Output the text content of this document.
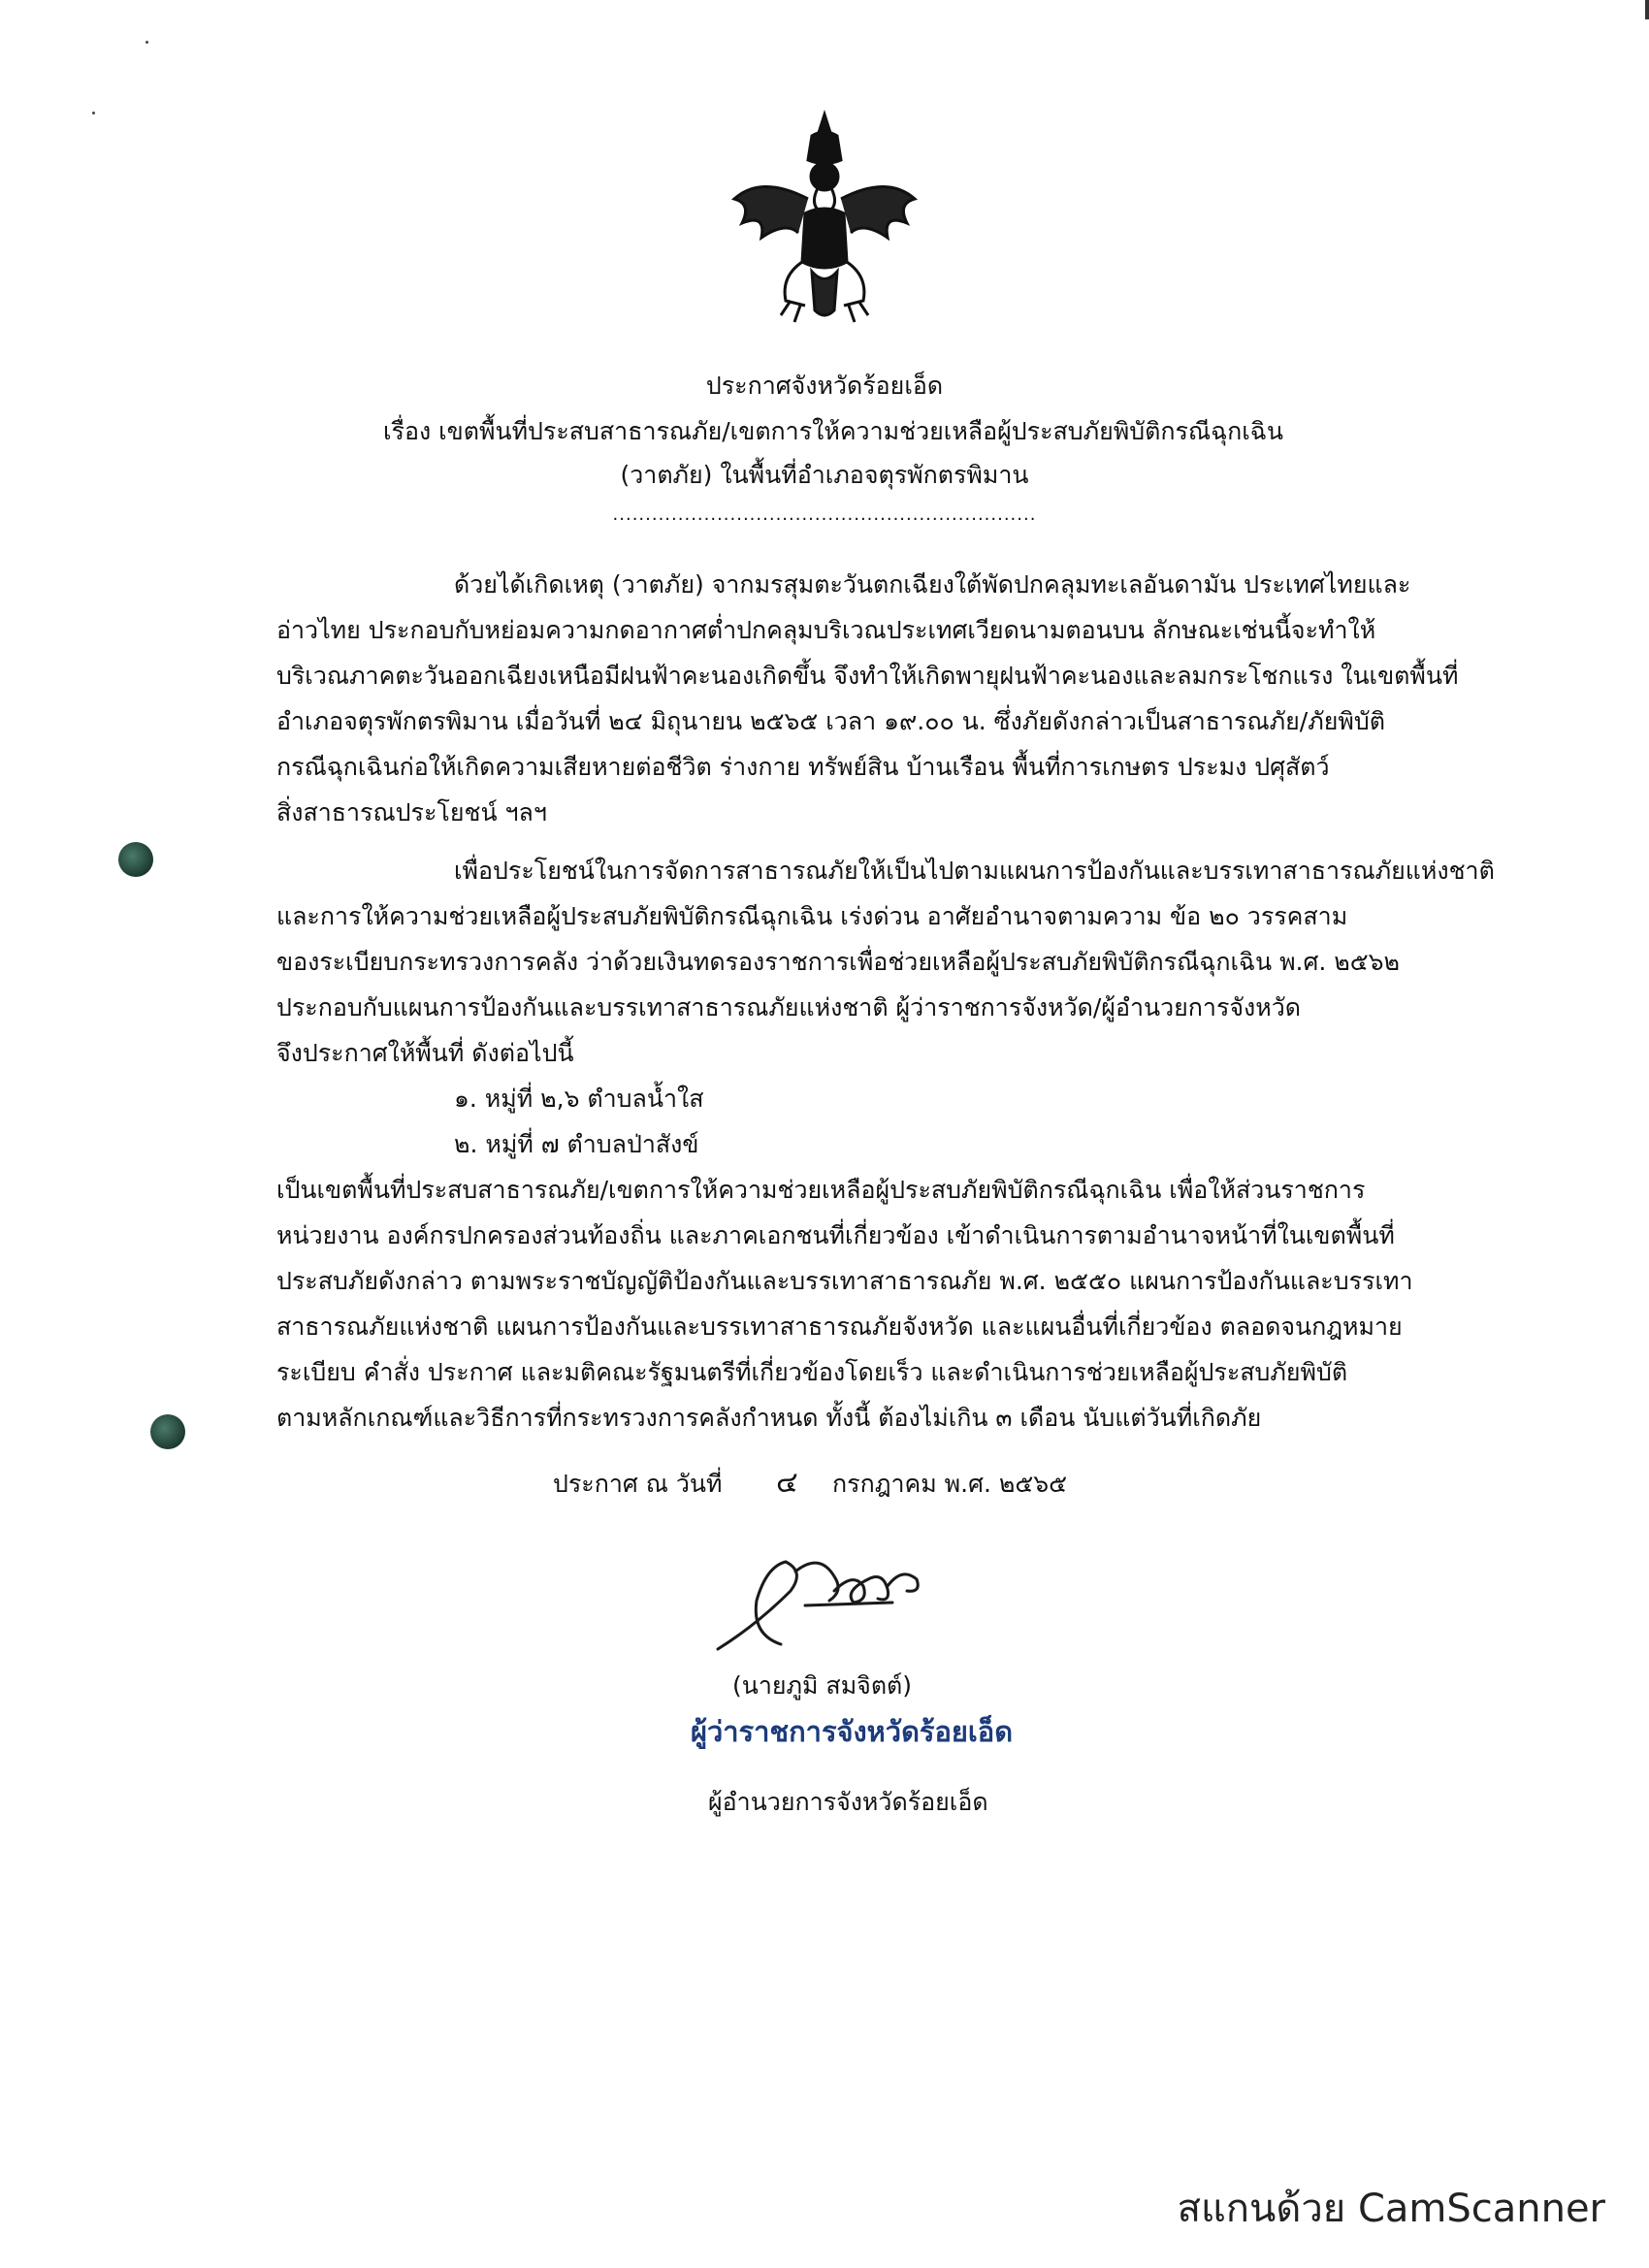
ประกาศจังหวัดร้อยเอ็ด
เรื่อง เขตพื้นที่ประสบสาธารณภัย/เขตการให้ความช่วยเหลือผู้ประสบภัยพิบัติกรณีฉุกเฉิน
(วาตภัย) ในพื้นที่อำเภอจตุรพักตรพิมาน
.................................................................
ด้วยได้เกิดเหตุ (วาตภัย) จากมรสุมตะวันตกเฉียงใต้พัดปกคลุมทะเลอันดามัน ประเทศไทยและ
อ่าวไทย ประกอบกับหย่อมความกดอากาศต่ำปกคลุมบริเวณประเทศเวียดนามตอนบน ลักษณะเช่นนี้จะทำให้
บริเวณภาคตะวันออกเฉียงเหนือมีฝนฟ้าคะนองเกิดขึ้น จึงทำให้เกิดพายุฝนฟ้าคะนองและลมกระโชกแรง ในเขตพื้นที่
อำเภอจตุรพักตรพิมาน เมื่อวันที่ ๒๔ มิถุนายน ๒๕๖๕ เวลา ๑๙.๐๐ น. ซึ่งภัยดังกล่าวเป็นสาธารณภัย/ภัยพิบัติ
กรณีฉุกเฉินก่อให้เกิดความเสียหายต่อชีวิต ร่างกาย ทรัพย์สิน บ้านเรือน พื้นที่การเกษตร ประมง ปศุสัตว์
สิ่งสาธารณประโยชน์ ฯลฯ
เพื่อประโยชน์ในการจัดการสาธารณภัยให้เป็นไปตามแผนการป้องกันและบรรเทาสาธารณภัยแห่งชาติ
และการให้ความช่วยเหลือผู้ประสบภัยพิบัติกรณีฉุกเฉิน เร่งด่วน อาศัยอำนาจตามความ ข้อ ๒๐ วรรคสาม
ของระเบียบกระทรวงการคลัง ว่าด้วยเงินทดรองราชการเพื่อช่วยเหลือผู้ประสบภัยพิบัติกรณีฉุกเฉิน พ.ศ. ๒๕๖๒
ประกอบกับแผนการป้องกันและบรรเทาสาธารณภัยแห่งชาติ ผู้ว่าราชการจังหวัด/ผู้อำนวยการจังหวัด
จึงประกาศให้พื้นที่ ดังต่อไปนี้
๑. หมู่ที่ ๒,๖ ตำบลน้ำใส
๒. หมู่ที่ ๗ ตำบลป่าสังข์
เป็นเขตพื้นที่ประสบสาธารณภัย/เขตการให้ความช่วยเหลือผู้ประสบภัยพิบัติกรณีฉุกเฉิน เพื่อให้ส่วนราชการ
หน่วยงาน องค์กรปกครองส่วนท้องถิ่น และภาคเอกชนที่เกี่ยวข้อง เข้าดำเนินการตามอำนาจหน้าที่ในเขตพื้นที่
ประสบภัยดังกล่าว ตามพระราชบัญญัติป้องกันและบรรเทาสาธารณภัย พ.ศ. ๒๕๕๐ แผนการป้องกันและบรรเทา
สาธารณภัยแห่งชาติ แผนการป้องกันและบรรเทาสาธารณภัยจังหวัด และแผนอื่นที่เกี่ยวข้อง ตลอดจนกฎหมาย
ระเบียบ คำสั่ง ประกาศ และมติคณะรัฐมนตรีที่เกี่ยวข้องโดยเร็ว และดำเนินการช่วยเหลือผู้ประสบภัยพิบัติ
ตามหลักเกณฑ์และวิธีการที่กระทรวงการคลังกำหนด ทั้งนี้ ต้องไม่เกิน ๓ เดือน นับแต่วันที่เกิดภัย
ประกาศ ณ วันที่ ๔ กรกฎาคม พ.ศ. ๒๕๖๕
(นายภูมิ สมจิตต์)
ผู้ว่าราชการจังหวัดร้อยเอ็ด
ผู้อำนวยการจังหวัดร้อยเอ็ด
สแกนด้วย CamScanner
